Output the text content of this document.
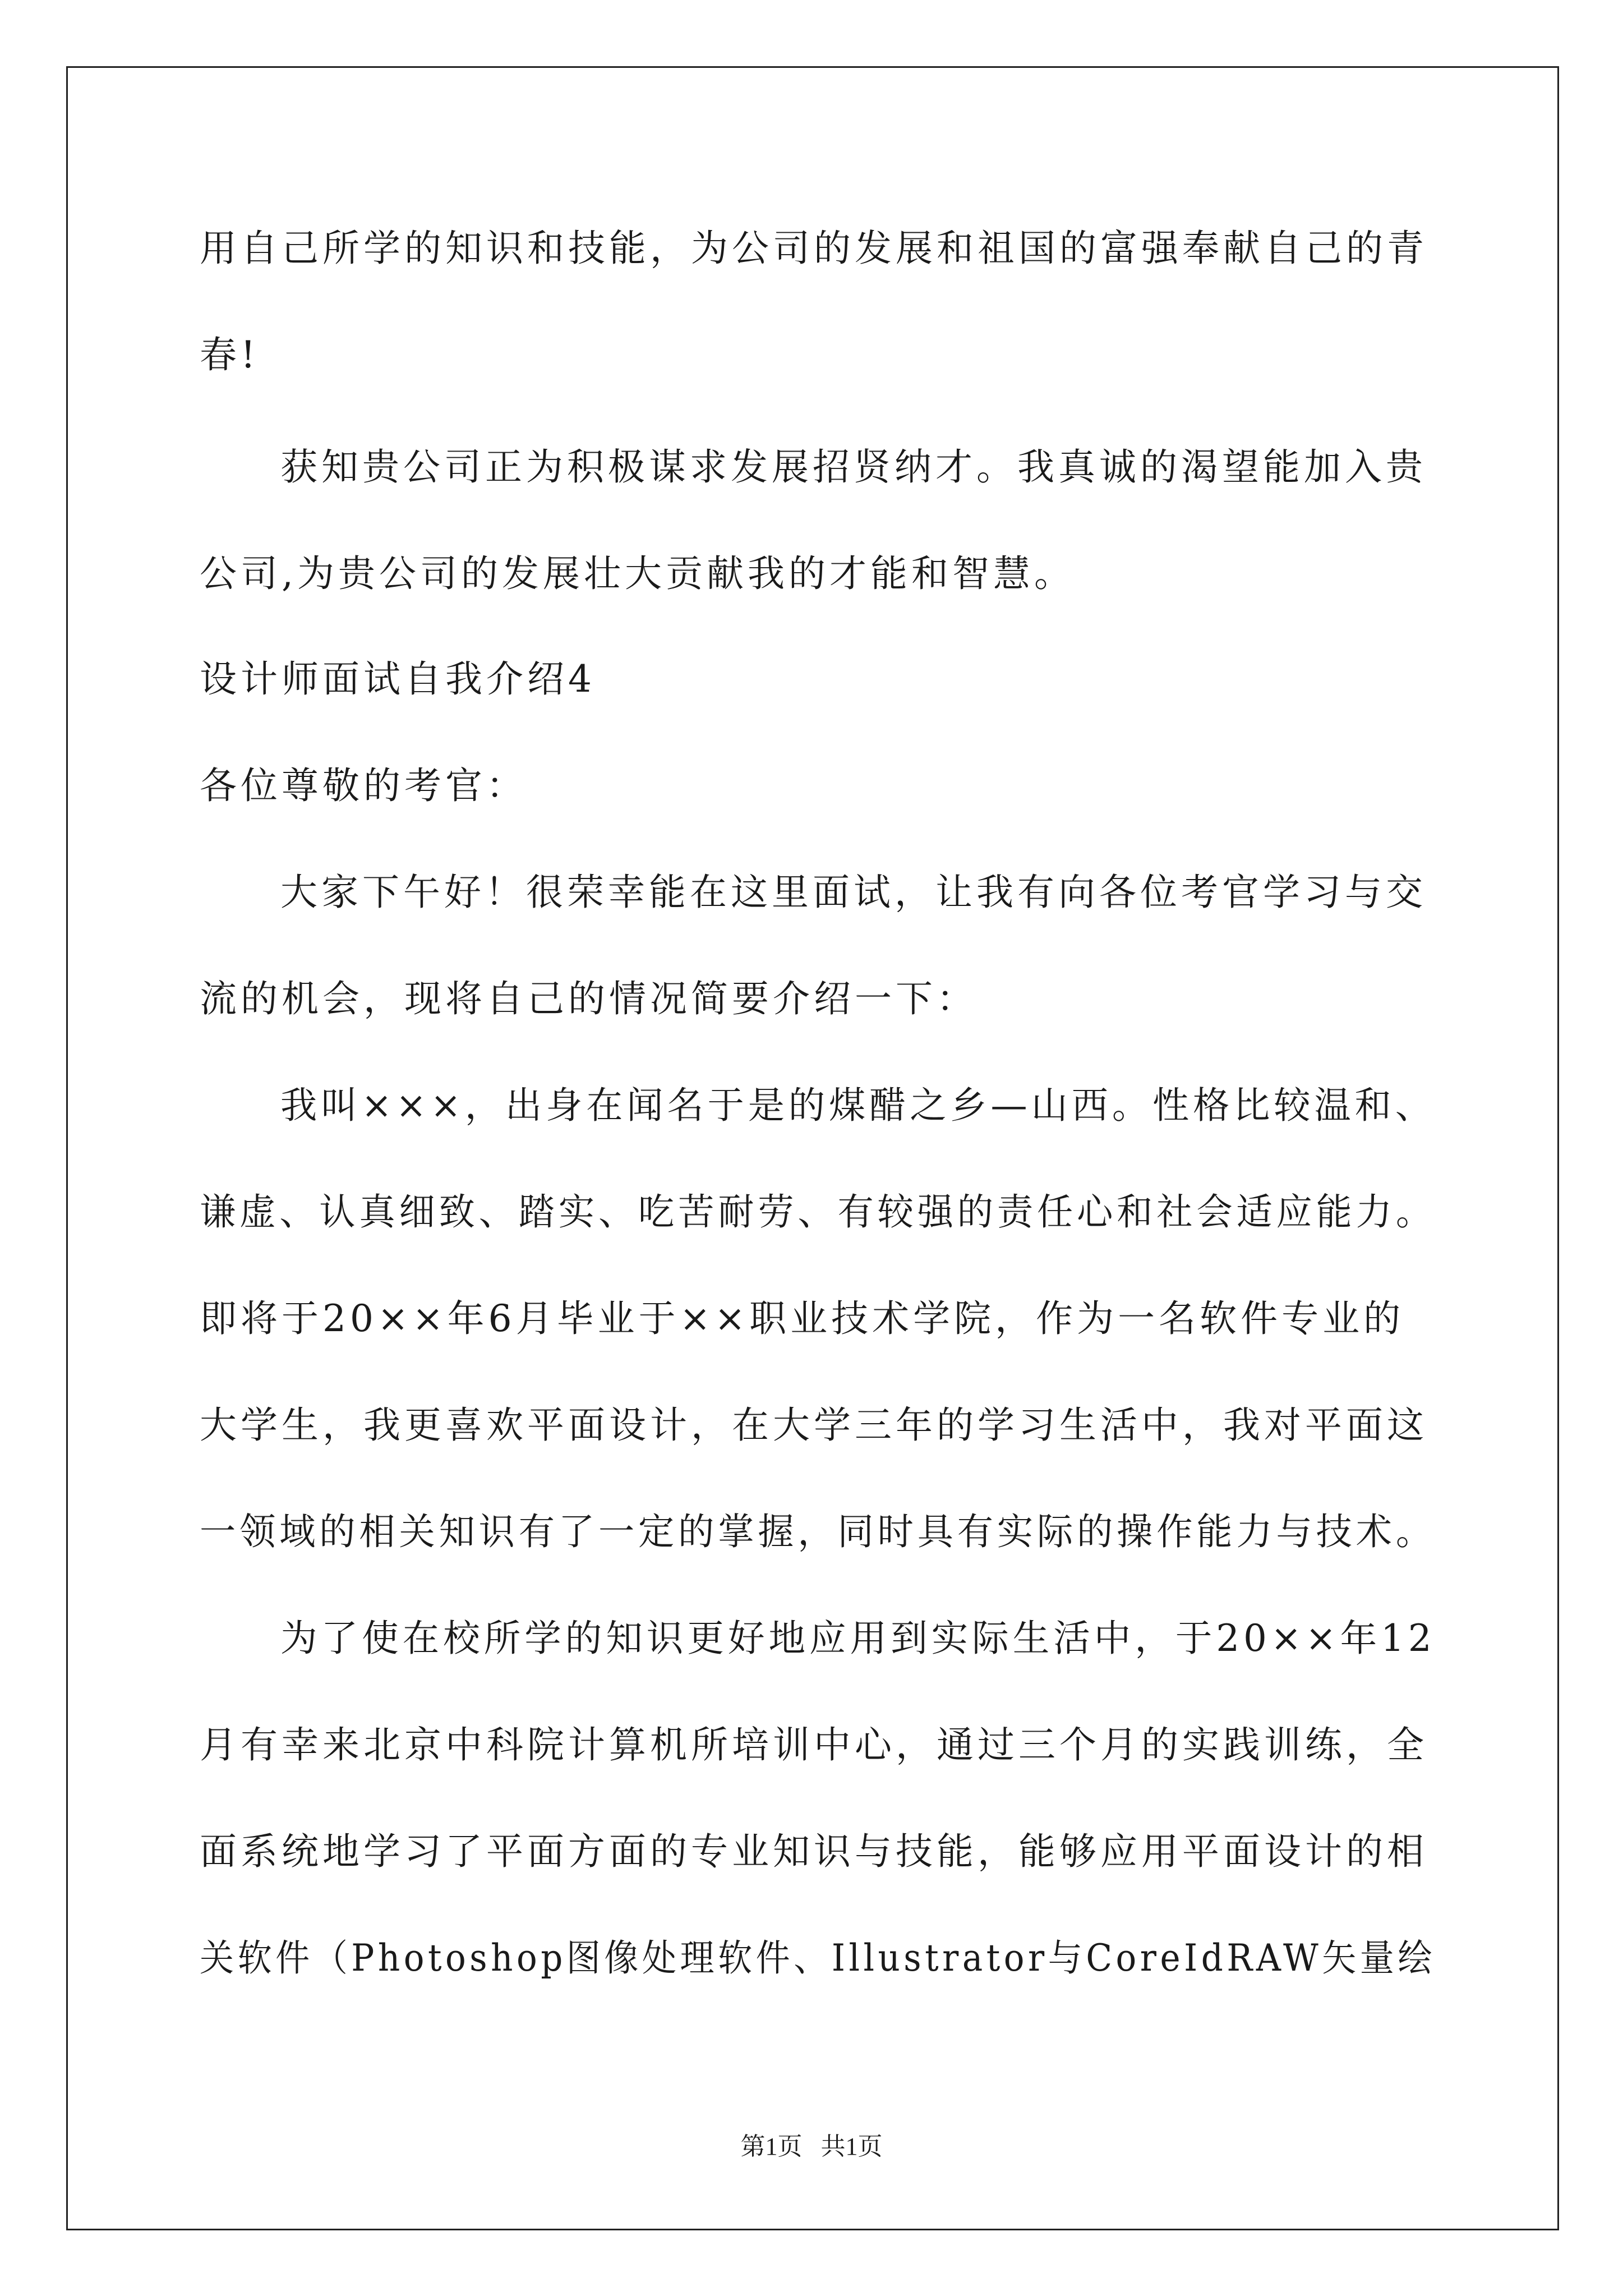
用自己所学的知识和技能，为公司的发展和祖国的富强奉献自己的青
春!
获知贵公司正为积极谋求发展招贤纳才。我真诚的渴望能加入贵
公司,为贵公司的发展壮大贡献我的才能和智慧。
设计师面试自我介绍4
各位尊敬的考官：
大家下午好！很荣幸能在这里面试，让我有向各位考官学习与交
流的机会，现将自己的情况简要介绍一下：
我叫×××，出身在闻名于是的煤醋之乡—山西。性格比较温和、
谦虚、认真细致、踏实、吃苦耐劳、有较强的责任心和社会适应能力。
即将于20××年6月毕业于××职业技术学院，作为一名软件专业的
大学生，我更喜欢平面设计，在大学三年的学习生活中，我对平面这
一领域的相关知识有了一定的掌握，同时具有实际的操作能力与技术。
为了使在校所学的知识更好地应用到实际生活中，于20××年12
月有幸来北京中科院计算机所培训中心，通过三个月的实践训练，全
面系统地学习了平面方面的专业知识与技能，能够应用平面设计的相
关软件（Photoshop图像处理软件、Illustrator与CoreIdRAW矢量绘
第1页   共1页
